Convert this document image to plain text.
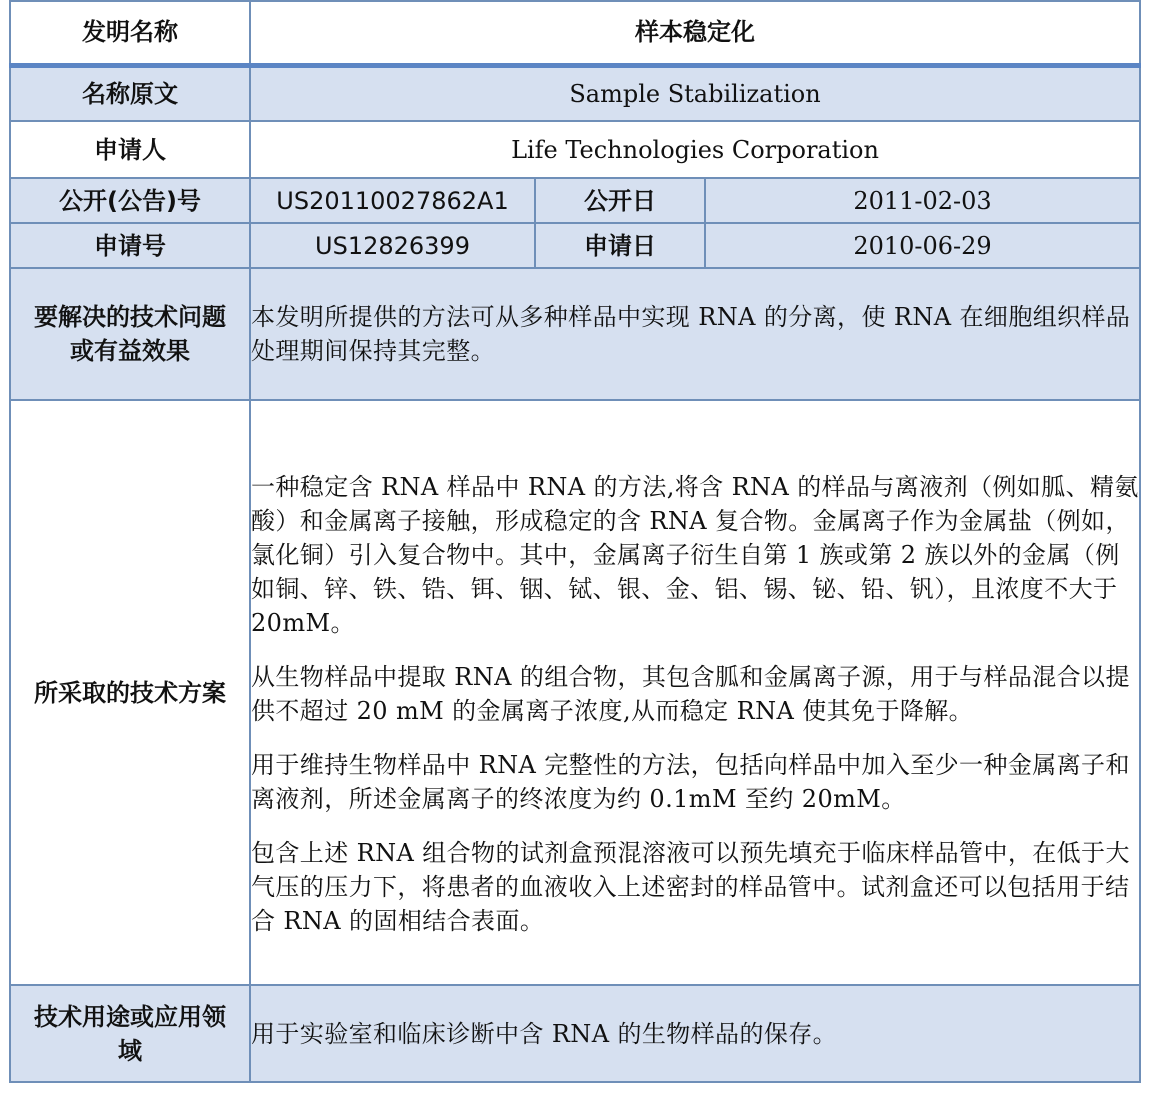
发明名称	样本稳定化		
名称原文	Sample Stabilization		
申请人	Life Technologies Corporation		
公开(公告)号	US20110027862A1	公开日	2011-02-03
申请号	US12826399	申请日	2010-06-29
要解决的技术问题或有益效果	本发明所提供的方法可从多种样品中实现 RNA 的分离，使 RNA 在细胞组织样品处理期间保持其完整。		
所采取的技术方案	一种稳定含 RNA 样品中 RNA 的方法,将含 RNA 的样品与离液剂（例如胍、精氨酸）和金属离子接触，形成稳定的含 RNA 复合物。金属离子作为金属盐（例如，氯化铜）引入复合物中。其中，金属离子衍生自第 1 族或第 2 族以外的金属（例如铜、锌、铁、锆、铒、铟、铽、银、金、铝、锡、铋、铅、钒），且浓度不大于 20mM。

从生物样品中提取 RNA 的组合物，其包含胍和金属离子源，用于与样品混合以提供不超过 20 mM 的金属离子浓度,从而稳定 RNA 使其免于降解。

用于维持生物样品中 RNA 完整性的方法，包括向样品中加入至少一种金属离子和离液剂，所述金属离子的终浓度为约 0.1mM 至约 20mM。

包含上述 RNA 组合物的试剂盒预混溶液可以预先填充于临床样品管中，在低于大气压的压力下，将患者的血液收入上述密封的样品管中。试剂盒还可以包括用于结合 RNA 的固相结合表面。		

技术用途或应用领域	用于实验室和临床诊断中含 RNA 的生物样品的保存。		
